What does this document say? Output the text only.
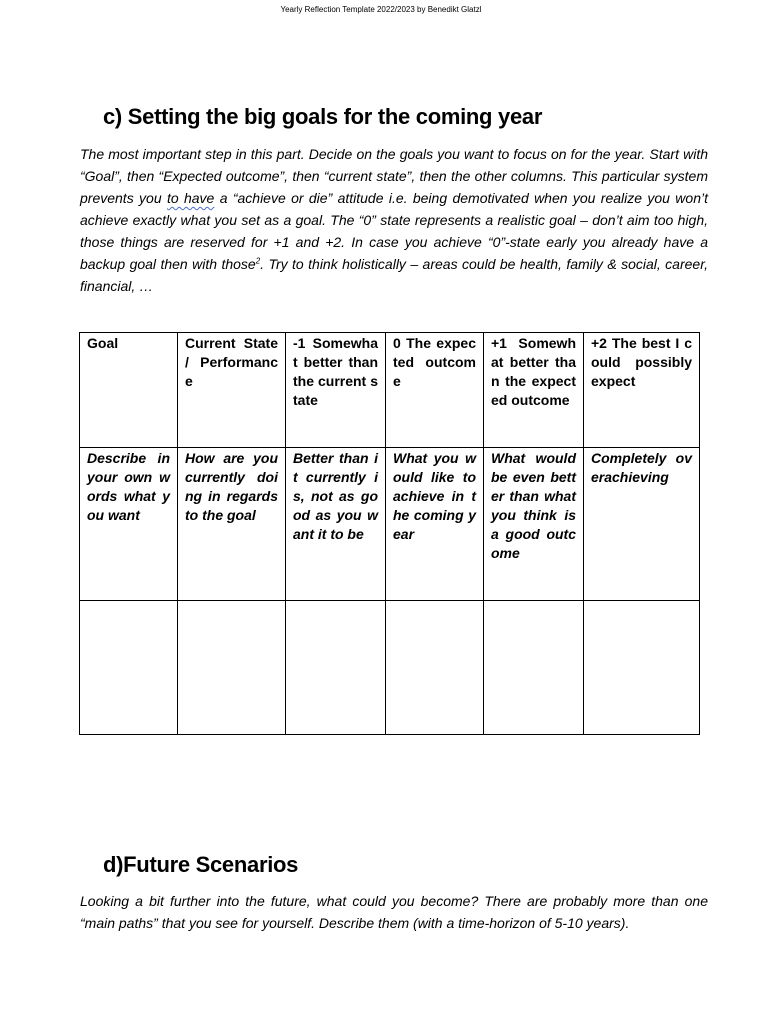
Yearly Reflection Template 2022/2023 by Benedikt Glatzl
c) Setting the big goals for the coming year
The most important step in this part. Decide on the goals you want to focus on for the year. Start with “Goal”, then “Expected outcome”, then “current state”, then the other columns. This particular system prevents you to have a “achieve or die” attitude i.e. being demotivated when you realize you won’t achieve exactly what you set as a goal. The “0” state represents a realistic goal – don’t aim too high, those things are reserved for +1 and +2. In case you achieve “0”-state early you already have a backup goal then with those$^2$. Try to think holistically – areas could be health, family & social, career, financial, …
Goal	Current State / Performance	-1 Somewhat better than the current state	0 The expected outcome	+1 Somewhat better than the expected outcome	+2 The best I could possibly expect
Describe in your own words what you want	How are you currently doing in regards to the goal	Better than it currently is, not as good as you want it to be	What you would like to achieve in the coming year	What would be even better than what you think is a good outcome	Completely overachieving

d)Future Scenarios
Looking a bit further into the future, what could you become? There are probably more than one “main paths” that you see for yourself. Describe them (with a time-horizon of 5-10 years).
